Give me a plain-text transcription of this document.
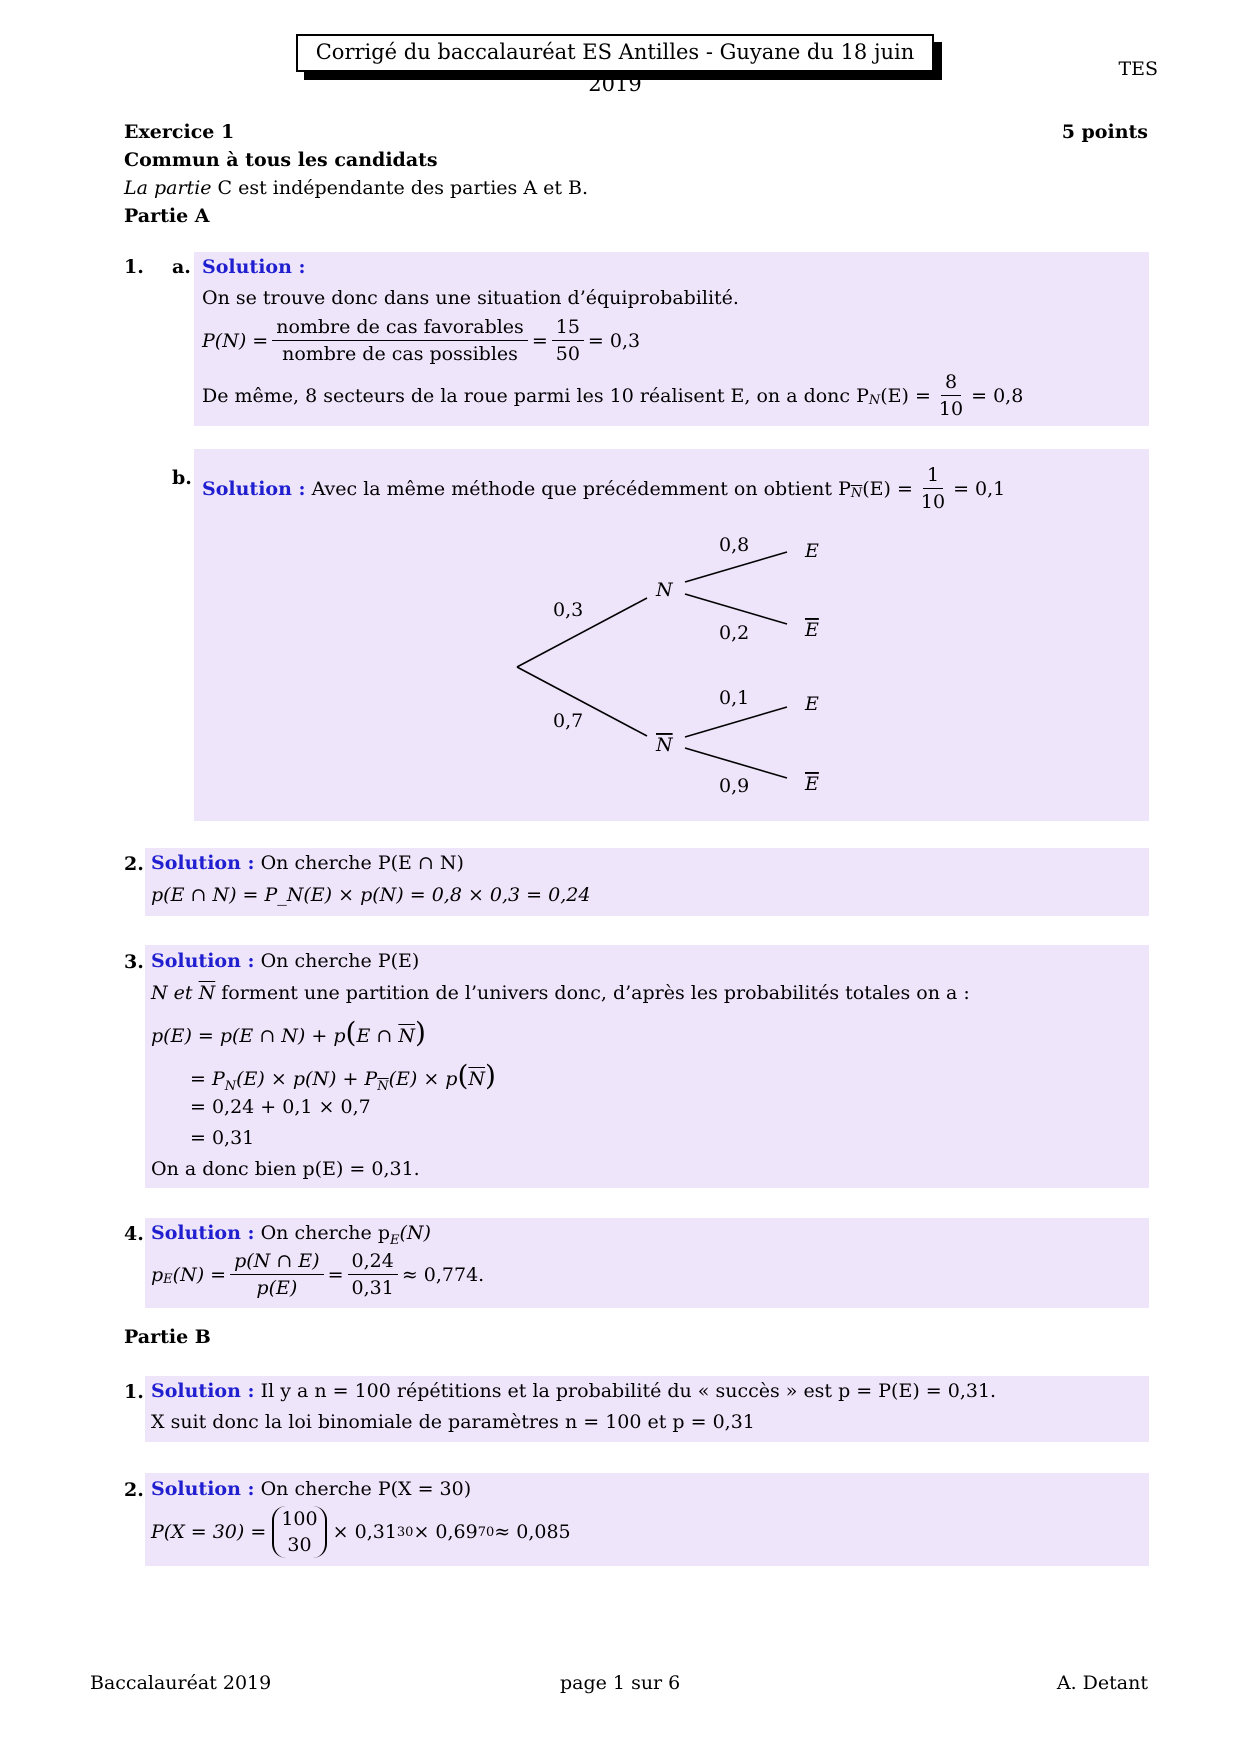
Corrigé du baccalauréat ES Antilles - Guyane du 18 juin 2019
TES
Exercice 1	5 points
Commun à tous les candidats
La partie C est indépendante des parties A et B.
Partie A
1. a. Solution :
On se trouve donc dans une situation d’équiprobabilité.
$P(N) = \frac{\text{nombre de cas favorables}}{\text{nombre de cas possibles}} = \frac{15}{50} = 0,3$
De même, 8 secteurs de la roue parmi les 10 réalisent E, on a donc $P_N$ $(E) = \frac{8}{10} = 0,8$
b. Solution :
Avec la même méthode que précédemment on obtient $P_{\overline{N}}$ $(E) = \frac{1}{10} = 0,1$
0,3
0,7
N
N
0,8
0,2
0,1
0,9
E
E
E
E
2. Solution : On cherche P(E ∩ N)
p(E ∩ N) = P_N(E) × p(N) = 0,8 × 0,3 = 0,24
3. Solution : On cherche P(E)
N et $\overline{N}$ forment une partition de l’univers donc, d’après les probabilités totales on a :
p(E) = p(E ∩ N) + p(E ∩ $\overline{N}$)
= $P_N(E) \times p(N) + P_{\overline{N}}(E) \times p(\overline{N})$
= 0,24 + 0,1 × 0,7
= 0,31
On a donc bien p(E) = 0,31.
4. Solution : On cherche $p_E(N)$
$p_E$ $(N) = \frac{p(N \cap E)}{p(E)} = \frac{0,24}{0,31} \approx 0,774$.
Partie B
1. Solution : Il y a n = 100 répétitions et la probabilité du « succès » est p = P(E) = 0,31.
X suit donc la loi binomiale de paramètres n = 100 et p = 0,31
2. Solution : On cherche P(X = 30)
P(X = 30) =

100
30

× 0,31 30 × 0,69 70 ≈ 0,085
Baccalauréat 2019	page 1 sur 6	A. Detant
